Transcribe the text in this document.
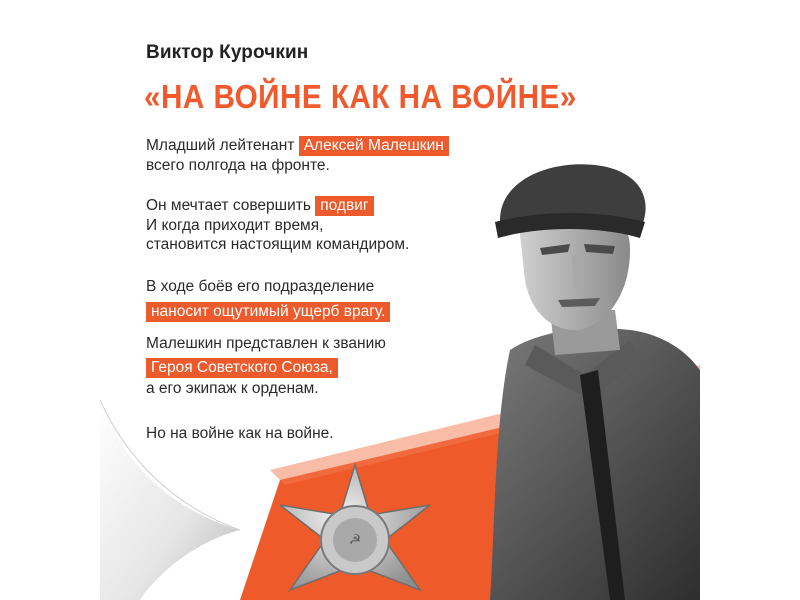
☭
Виктор Курочкин
«НА ВОЙНЕ КАК НА ВОЙНЕ»
Младший лейтенант Алексей Малешкин
всего полгода на фронте.
Он мечтает совершить подвиг
И когда приходит время,
становится настоящим командиром.
В ходе боёв его подразделение
наносит ощутимый ущерб врагу.
Малешкин представлен к званию
Героя Советского Союза,
а его экипаж к орденам.
Но на войне как на войне.
